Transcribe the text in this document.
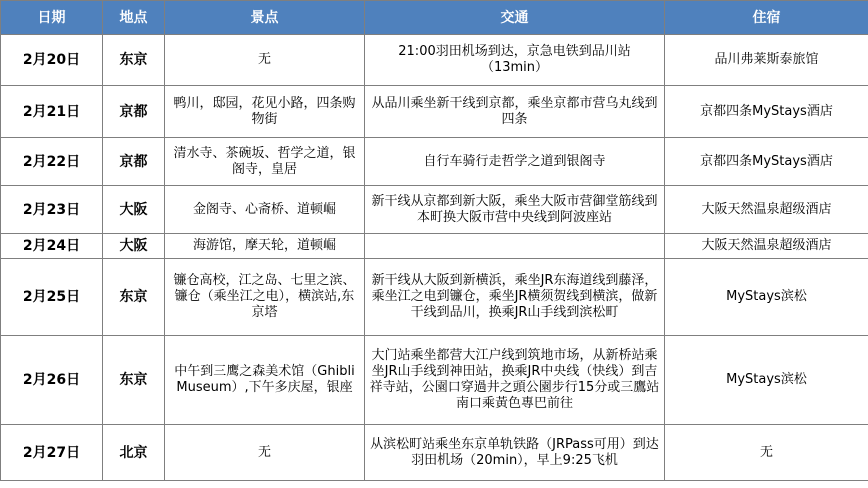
日期	地点	景点	交通	住宿
2月20日	东京	无	21:00羽田机场到达，京急电铁到品川站（13min）	品川弗莱斯泰旅馆
2月21日	京都	鸭川，邸园，花见小路，四条购物街	从品川乘坐新干线到京都，乘坐京都市营乌丸线到四条	京都四条MyStays酒店
2月22日	京都	清水寺、茶碗坂、哲学之道，银阁寺，皇居	自行车骑行走哲学之道到银阁寺	京都四条MyStays酒店
2月23日	大阪	金阁寺、心斋桥、道顿崛	新干线从京都到新大阪，乘坐大阪市营御堂筋线到本町换大阪市营中央线到阿波座站	大阪天然温泉超级酒店
2月24日	大阪	海游馆，摩天轮，道顿崛		大阪天然温泉超级酒店
2月25日	东京	镰仓高校，江之岛、七里之滨、镰仓（乘坐江之电），横滨站,东京塔	新干线从大阪到新横浜，乘坐JR东海道线到藤泽，乘坐江之电到镰仓，乘坐JR横须贺线到横滨，做新干线到品川，换乘JR山手线到滨松町	MyStays滨松
2月26日	东京	中午到三鹰之森美术馆（Ghibli Museum）,下午多庆屋，银座	大门站乘坐都营大江户线到筑地市场，从新桥站乘坐JR山手线到神田站，换乘JR中央线（快线）到吉祥寺站，公園口穿過井之頭公園步行15分或三鷹站南口乘黃色專巴前往	MyStays滨松
2月27日	北京	无	从滨松町站乘坐东京单轨铁路（JRPass可用）到达羽田机场（20min），早上9:25飞机	无
